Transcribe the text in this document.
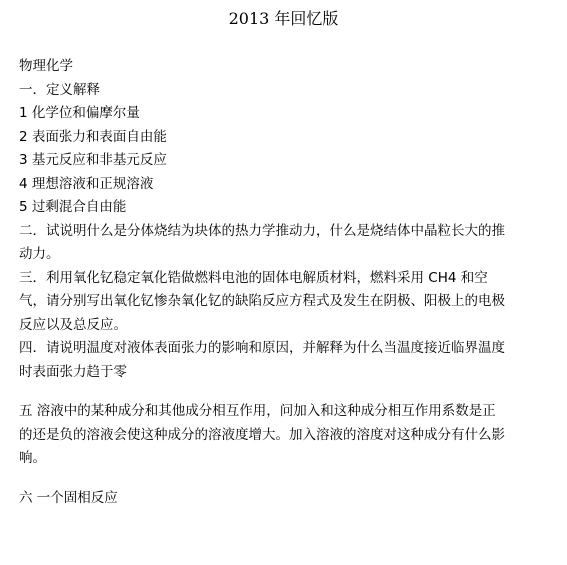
2013 年回忆版
物理化学
一．定义解释
1 化学位和偏摩尔量
2 表面张力和表面自由能
3 基元反应和非基元反应
4 理想溶液和正规溶液
5 过剩混合自由能
二．试说明什么是分体烧结为块体的热力学推动力，什么是烧结体中晶粒长大的推动力。
三．利用氧化钇稳定氧化锆做燃料电池的固体电解质材料，燃料采用 CH4 和空气，请分别写出氧化钇惨杂氧化钇的缺陷反应方程式及发生在阴极、阳极上的电极反应以及总反应。
四．请说明温度对液体表面张力的影响和原因，并解释为什么当温度接近临界温度时表面张力趋于零
五 溶液中的某种成分和其他成分相互作用，问加入和这种成分相互作用系数是正的还是负的溶液会使这种成分的溶液度增大。加入溶液的溶度对这种成分有什么影响。
六 一个固相反应
